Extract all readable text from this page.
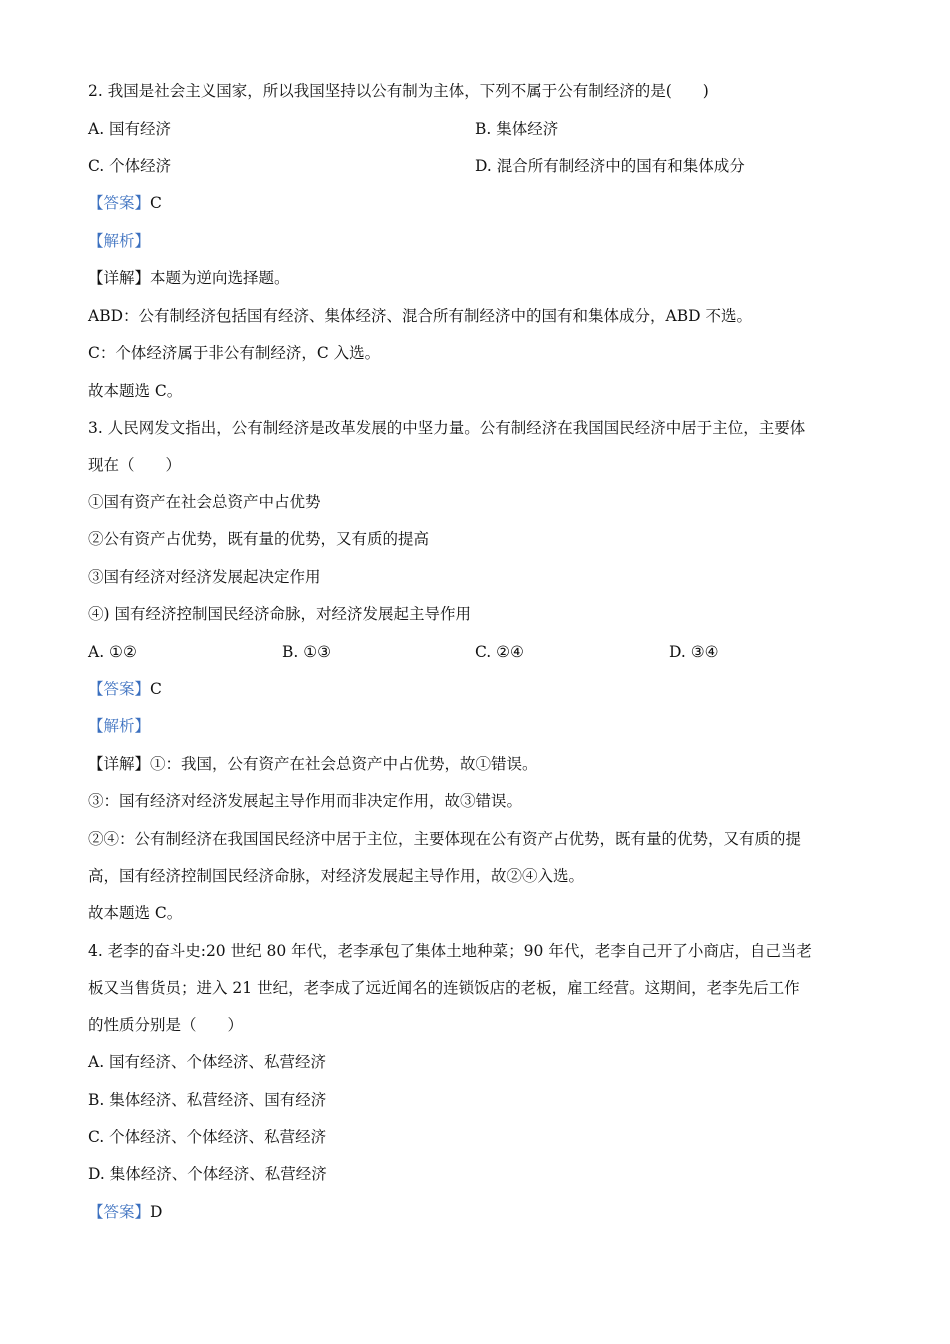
2. 我国是社会主义国家，所以我国坚持以公有制为主体，下列不属于公有制经济的是(　　)
A. 国有经济	B. 集体经济
C. 个体经济	D. 混合所有制经济中的国有和集体成分
【答案】C
【解析】
【详解】本题为逆向选择题。
ABD：公有制经济包括国有经济、集体经济、混合所有制经济中的国有和集体成分，ABD 不选。
C：个体经济属于非公有制经济，C 入选。
故本题选 C。
3. 人民网发文指出，公有制经济是改革发展的中坚力量。公有制经济在我国国民经济中居于主位，主要体
现在（　　）
①国有资产在社会总资产中占优势
②公有资产占优势，既有量的优势，又有质的提高
③国有经济对经济发展起决定作用
④) 国有经济控制国民经济命脉，对经济发展起主导作用
A. ①②	B. ①③	C. ②④	D. ③④
【答案】C
【解析】
【详解】①：我国，公有资产在社会总资产中占优势，故①错误。
③：国有经济对经济发展起主导作用而非决定作用，故③错误。
②④：公有制经济在我国国民经济中居于主位，主要体现在公有资产占优势，既有量的优势，又有质的提
高，国有经济控制国民经济命脉，对经济发展起主导作用，故②④入选。
故本题选 C。
4. 老李的奋斗史:20 世纪 80 年代，老李承包了集体土地种菜；90 年代，老李自己开了小商店，自己当老
板又当售货员；进入 21 世纪，老李成了远近闻名的连锁饭店的老板，雇工经营。这期间，老李先后工作
的性质分别是（　　）
A. 国有经济、个体经济、私营经济
B. 集体经济、私营经济、国有经济
C. 个体经济、个体经济、私营经济
D. 集体经济、个体经济、私营经济
【答案】D
